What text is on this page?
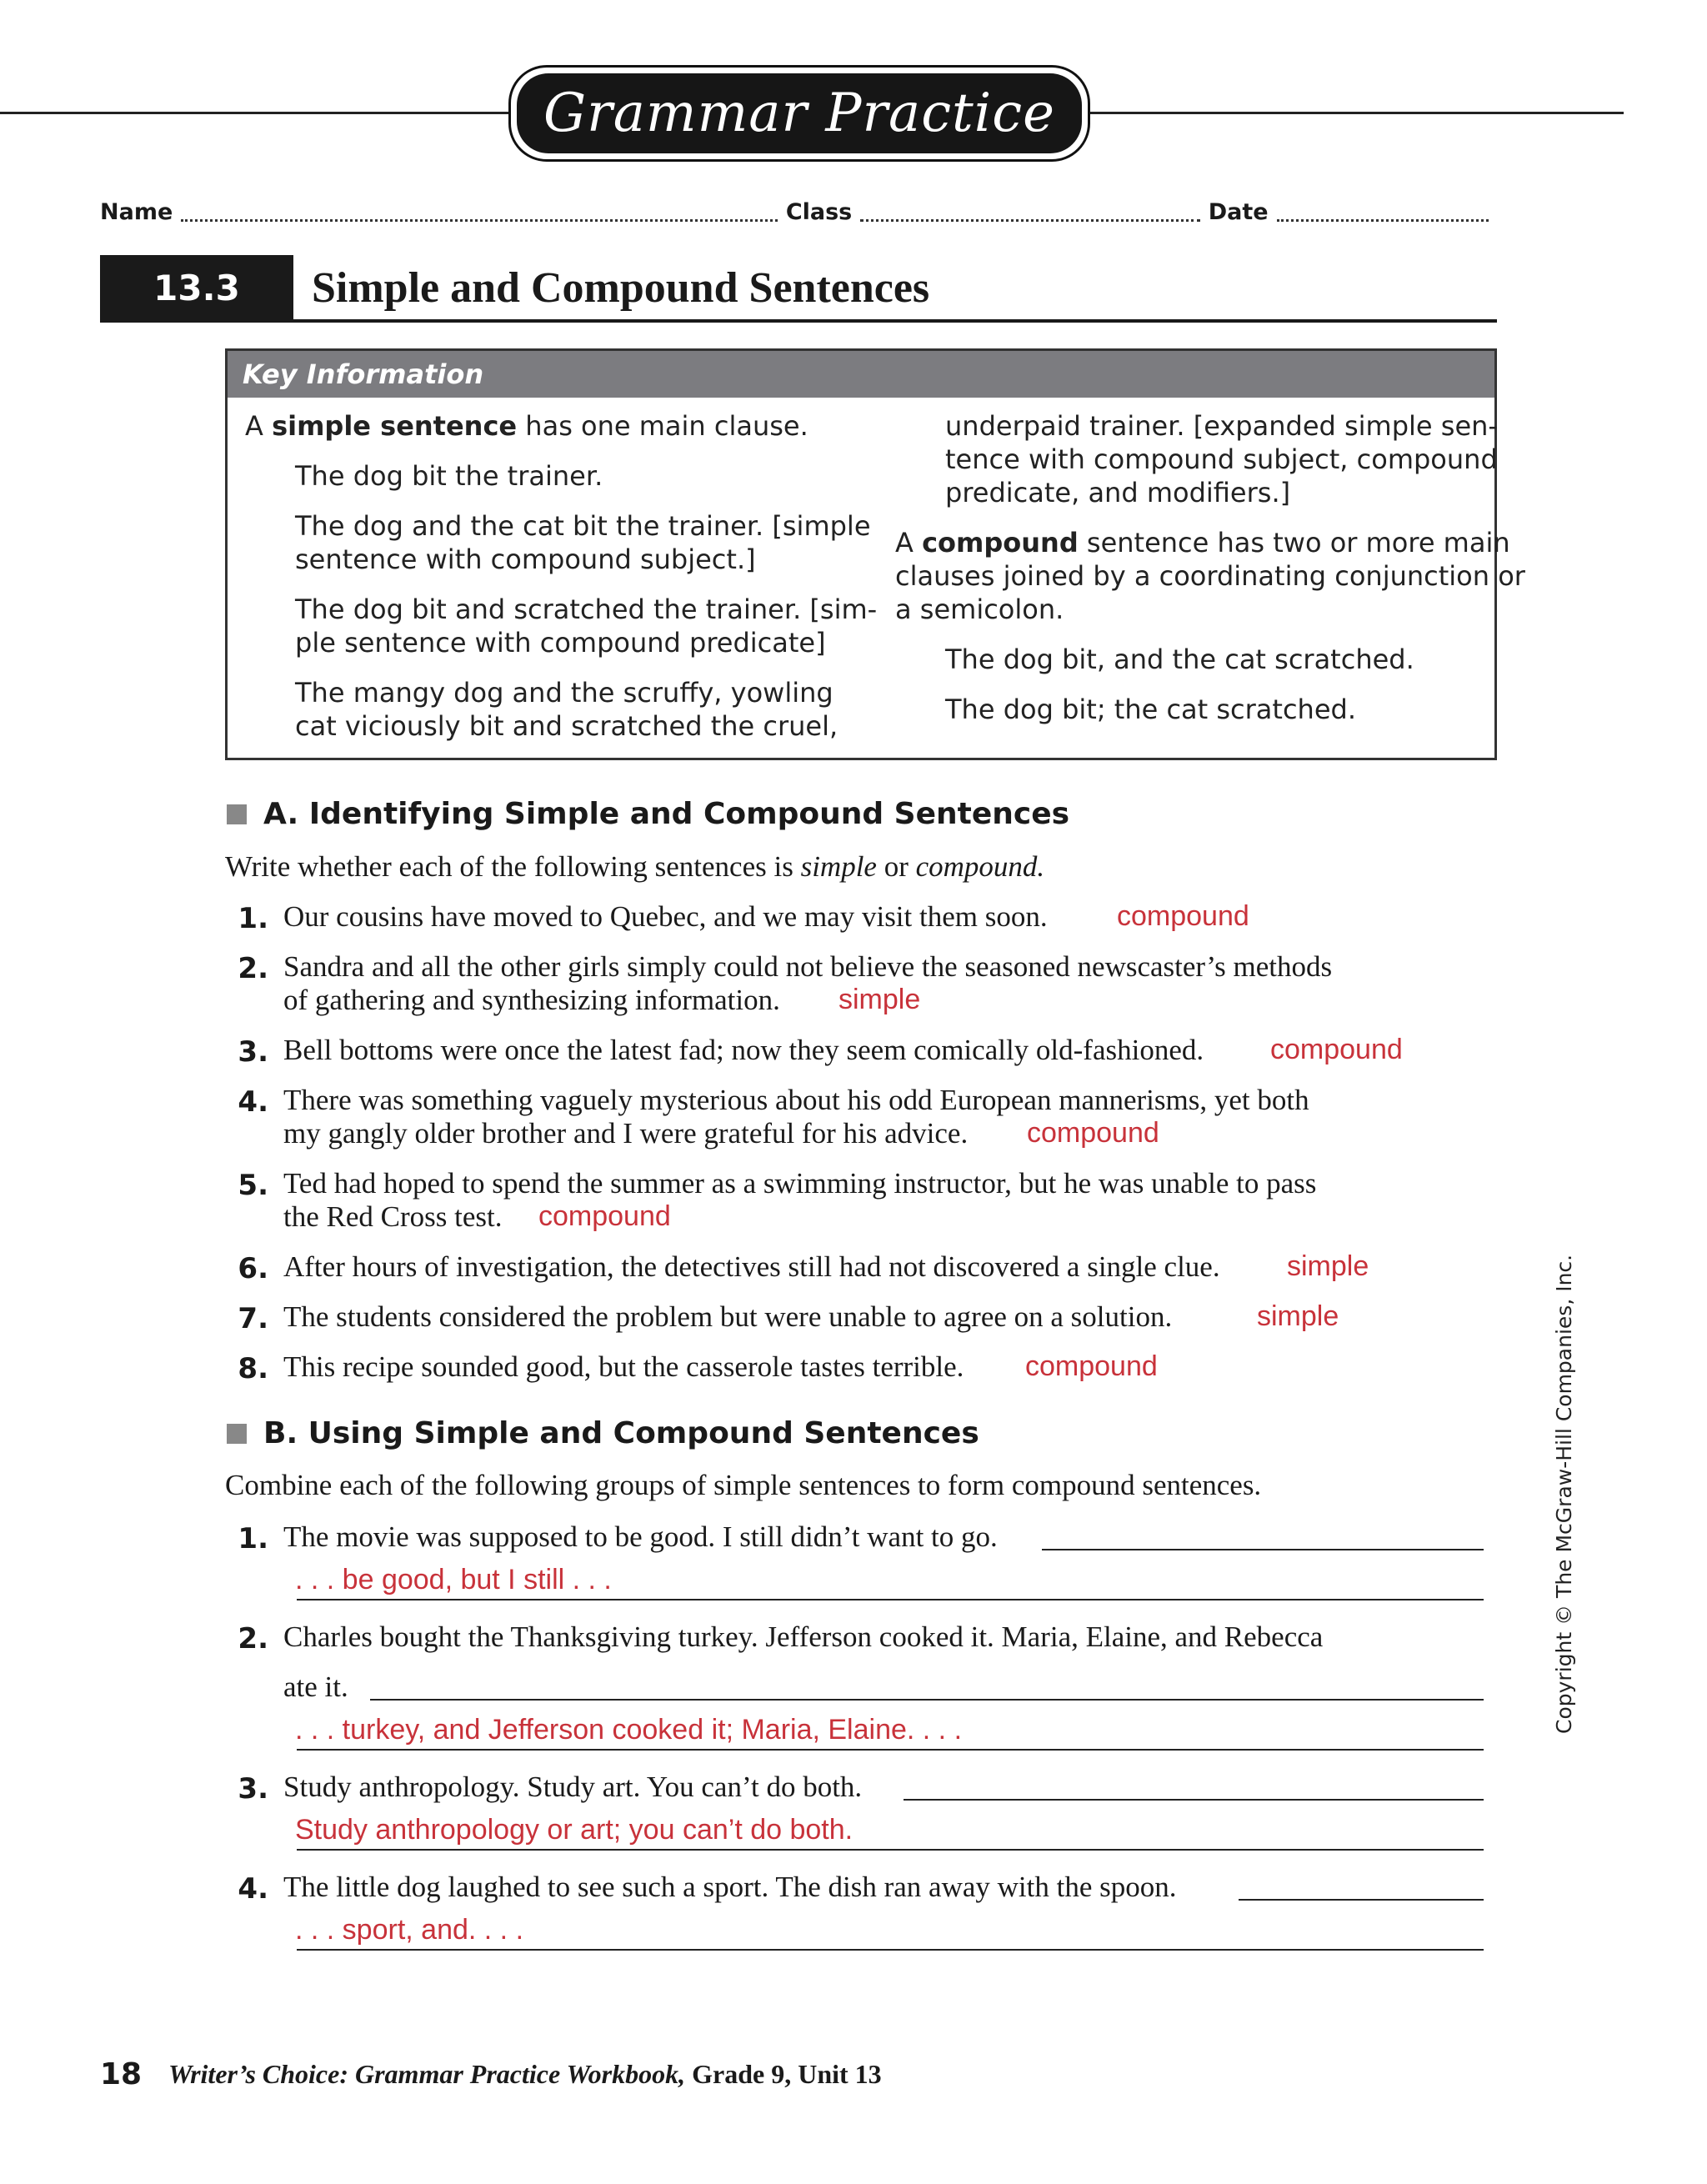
Grammar Practice
Name	Class	Date
13.3	Simple and Compound Sentences
Key Information
A simple sentence has one main clause.
The dog bit the trainer.
The dog and the cat bit the trainer. [simple
sentence with compound subject.]
The dog bit and scratched the trainer. [sim-
ple sentence with compound predicate]
The mangy dog and the scruffy, yowling
cat viciously bit and scratched the cruel,
underpaid trainer. [expanded simple sen-
tence with compound subject, compound
predicate, and modifiers.]
A compound sentence has two or more main
clauses joined by a coordinating conjunction or
a semicolon.
The dog bit, and the cat scratched.
The dog bit; the cat scratched.
A. Identifying Simple and Compound Sentences
Write whether each of the following sentences is simple or compound.
1. Our cousins have moved to Quebec, and we may visit them soon. compound
2. Sandra and all the other girls simply could not believe the seasoned newscaster’s methods
of gathering and synthesizing information. simple
3. Bell bottoms were once the latest fad; now they seem comically old-fashioned. compound
4. There was something vaguely mysterious about his odd European mannerisms, yet both
my gangly older brother and I were grateful for his advice. compound
5. Ted had hoped to spend the summer as a swimming instructor, but he was unable to pass
the Red Cross test. compound
6. After hours of investigation, the detectives still had not discovered a single clue. simple
7. The students considered the problem but were unable to agree on a solution.	simple
8. This recipe sounded good, but the casserole tastes terrible. compound
B. Using Simple and Compound Sentences
Combine each of the following groups of simple sentences to form compound sentences.
1. The movie was supposed to be good. I still didn’t want to go.
. . . be good, but I still . . .
2. Charles bought the Thanksgiving turkey. Jefferson cooked it. Maria, Elaine, and Rebecca
ate it.
. . . turkey, and Jefferson cooked it; Maria, Elaine. . . .
3. Study anthropology. Study art. You can’t do both.
Study anthropology or art; you can’t do both.
4. The little dog laughed to see such a sport. The dish ran away with the spoon.
. . . sport, and. . . .
18 Writer’s Choice: Grammar Practice Workbook, Grade 9, Unit 13
Copyright © The McGraw-Hill Companies, Inc.
